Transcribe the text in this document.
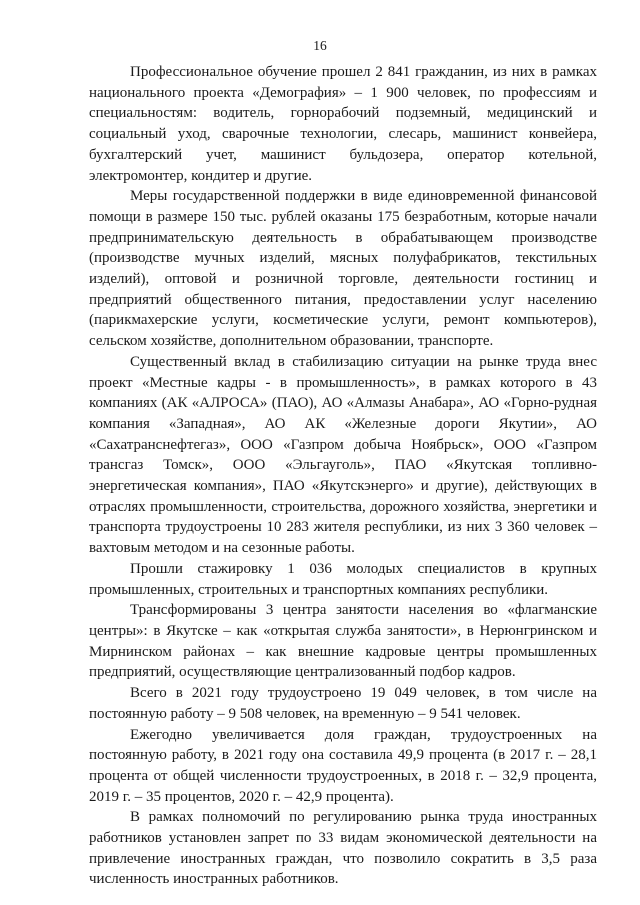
16

Профессиональное обучение прошел 2 841 гражданин, из них в рамках национального проекта «Демография» – 1 900 человек, по профессиям и специальностям: водитель, горнорабочий подземный, медицинский и социальный уход, сварочные технологии, слесарь, машинист конвейера, бухгалтерский учет, машинист бульдозера, оператор котельной, электромонтер, кондитер и другие.

Меры государственной поддержки в виде единовременной финансовой помощи в размере 150 тыс. рублей оказаны 175 безработным, которые начали предпринимательскую деятельность в обрабатывающем производстве (производстве мучных изделий, мясных полуфабрикатов, текстильных изделий), оптовой и розничной торговле, деятельности гостиниц и предприятий общественного питания, предоставлении услуг населению (парикмахерские услуги, косметические услуги, ремонт компьютеров), сельском хозяйстве, дополнительном образовании, транспорте.

Существенный вклад в стабилизацию ситуации на рынке труда внес проект «Местные кадры - в промышленность», в рамках которого в 43 компаниях (АК «АЛРОСА» (ПАО), АО «Алмазы Анабара», АО «Горно-рудная компания «Западная», АО АК «Железные дороги Якутии», АО «Сахатранснефтегаз», ООО «Газпром добыча Ноябрьск», ООО «Газпром трансгаз Томск», ООО «Эльгауголь», ПАО «Якутская топливно-энергетическая компания», ПАО «Якутскэнерго» и другие), действующих в отраслях промышленности, строительства, дорожного хозяйства, энергетики и транспорта трудоустроены 10 283 жителя республики, из них 3 360 человек – вахтовым методом и на сезонные работы.

Прошли стажировку 1 036 молодых специалистов в крупных промышленных, строительных и транспортных компаниях республики.

Трансформированы 3 центра занятости населения во «флагманские центры»: в Якутске – как «открытая служба занятости», в Нерюнгринском и Мирнинском районах – как внешние кадровые центры промышленных предприятий, осуществляющие централизованный подбор кадров.

Всего в 2021 году трудоустроено 19 049 человек, в том числе на постоянную работу – 9 508 человек, на временную – 9 541 человек.

Ежегодно увеличивается доля граждан, трудоустроенных на постоянную работу, в 2021 году она составила 49,9 процента (в 2017 г. – 28,1 процента от общей численности трудоустроенных, в 2018 г. – 32,9 процента, 2019 г. – 35 процентов, 2020 г. – 42,9 процента).

В рамках полномочий по регулированию рынка труда иностранных работников установлен запрет по 33 видам экономической деятельности на привлечение иностранных граждан, что позволило сократить в 3,5 раза численность иностранных работников.
